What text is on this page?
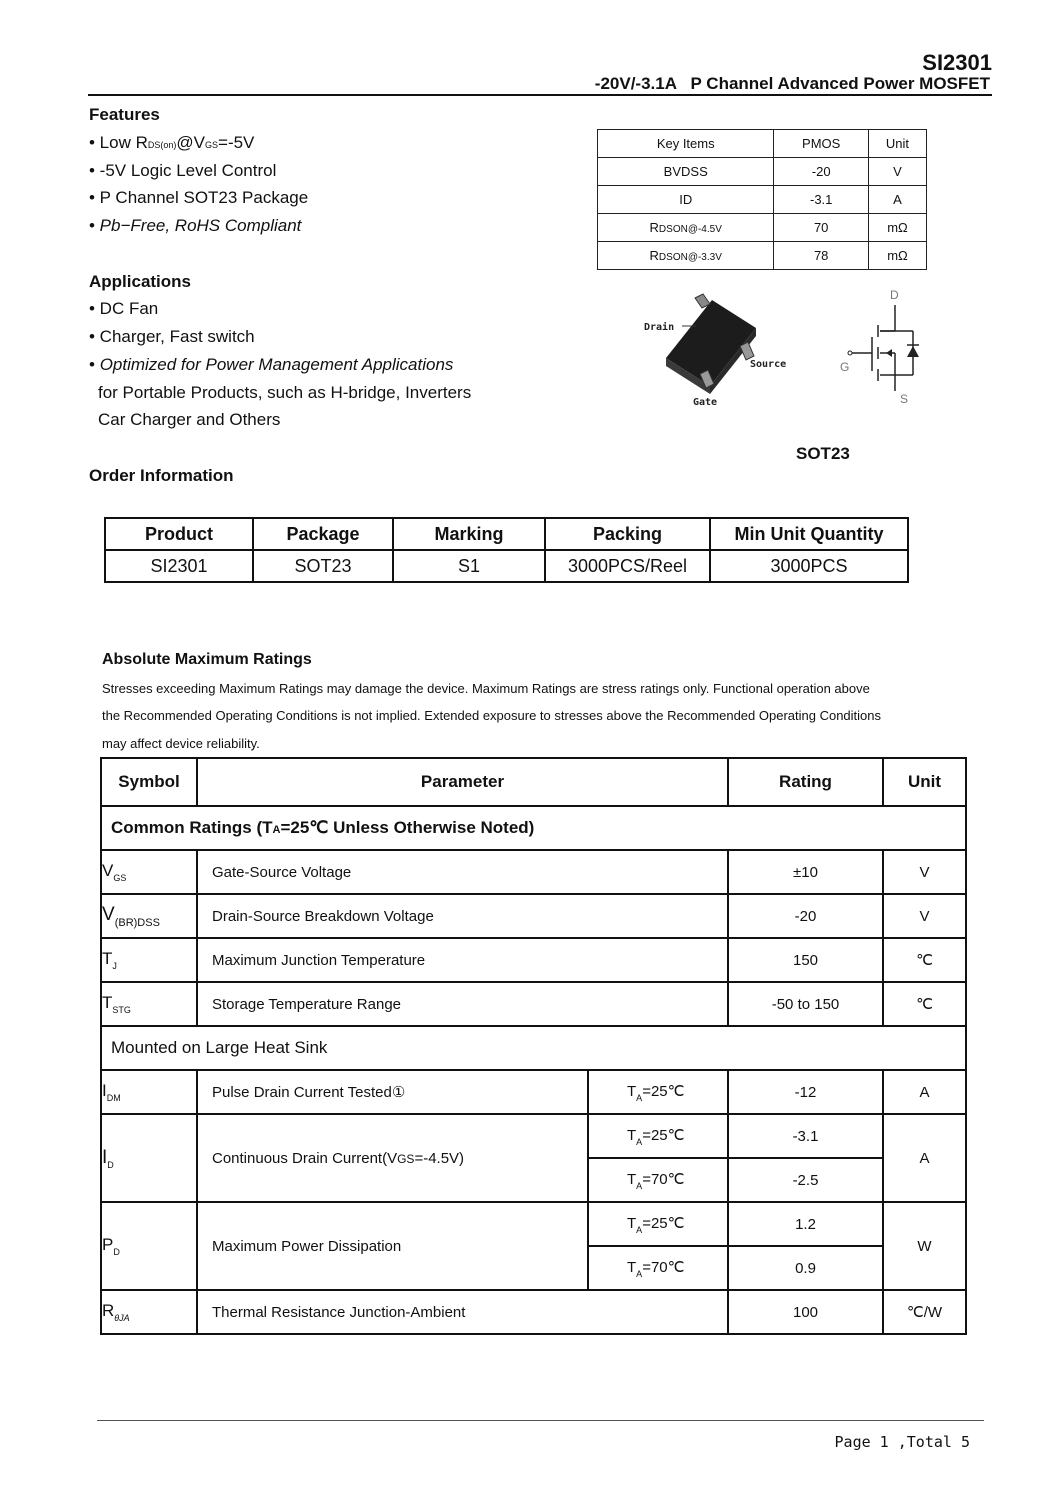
SI2301
-20V/-3.1A   P Channel Advanced Power MOSFET
Features
• Low RDS(on)@VGS=-5V
• -5V Logic Level Control
• P Channel SOT23 Package
• Pb−Free, RoHS Compliant
Applications
• DC Fan
• Charger, Fast switch
• Optimized for Power Management Applications
for Portable Products, such as H-bridge, Inverters
Car Charger and Others
Key Items	PMOS	Unit
BVDSS	-20	V
ID	-3.1	A
RDSON@-4.5V	70	mΩ
RDSON@-3.3V	78	mΩ
Drain
Source
Gate
D
G
S
SOT23
Order Information
Product	Package	Marking	Packing	Min Unit Quantity
SI2301	SOT23	S1	3000PCS/Reel	3000PCS
Absolute Maximum Ratings
Stresses exceeding Maximum Ratings may damage the device. Maximum Ratings are stress ratings only. Functional operation above
the Recommended Operating Conditions is not implied. Extended exposure to stresses above the Recommended Operating Conditions
may affect device reliability.
Symbol	Parameter		Rating	Unit
Common Ratings (TA=25℃ Unless Otherwise Noted)				
$V_{GS}$	Gate-Source Voltage		±10	V
$V_{(BR)DSS}$	Drain-Source Breakdown Voltage		-20	V
$T_J$	Maximum Junction Temperature		150	℃
$T_{STG}$	Storage Temperature Range		-50 to 150	℃
Mounted on Large Heat Sink				
$I_{DM}$	Pulse Drain Current Tested①	$T_A=25℃$	-12	A
$I_D$	Continuous Drain Current(VGS=-4.5V)	$T_A=25℃$	-3.1	A
		$T_A=70℃$	-2.5	
$P_D$	Maximum Power Dissipation	$T_A=25℃$	1.2	W
		$T_A=70℃$	0.9	
$R_{\theta JA}$	Thermal Resistance Junction-Ambient		100	℃/W
Page 1 ,Total 5
